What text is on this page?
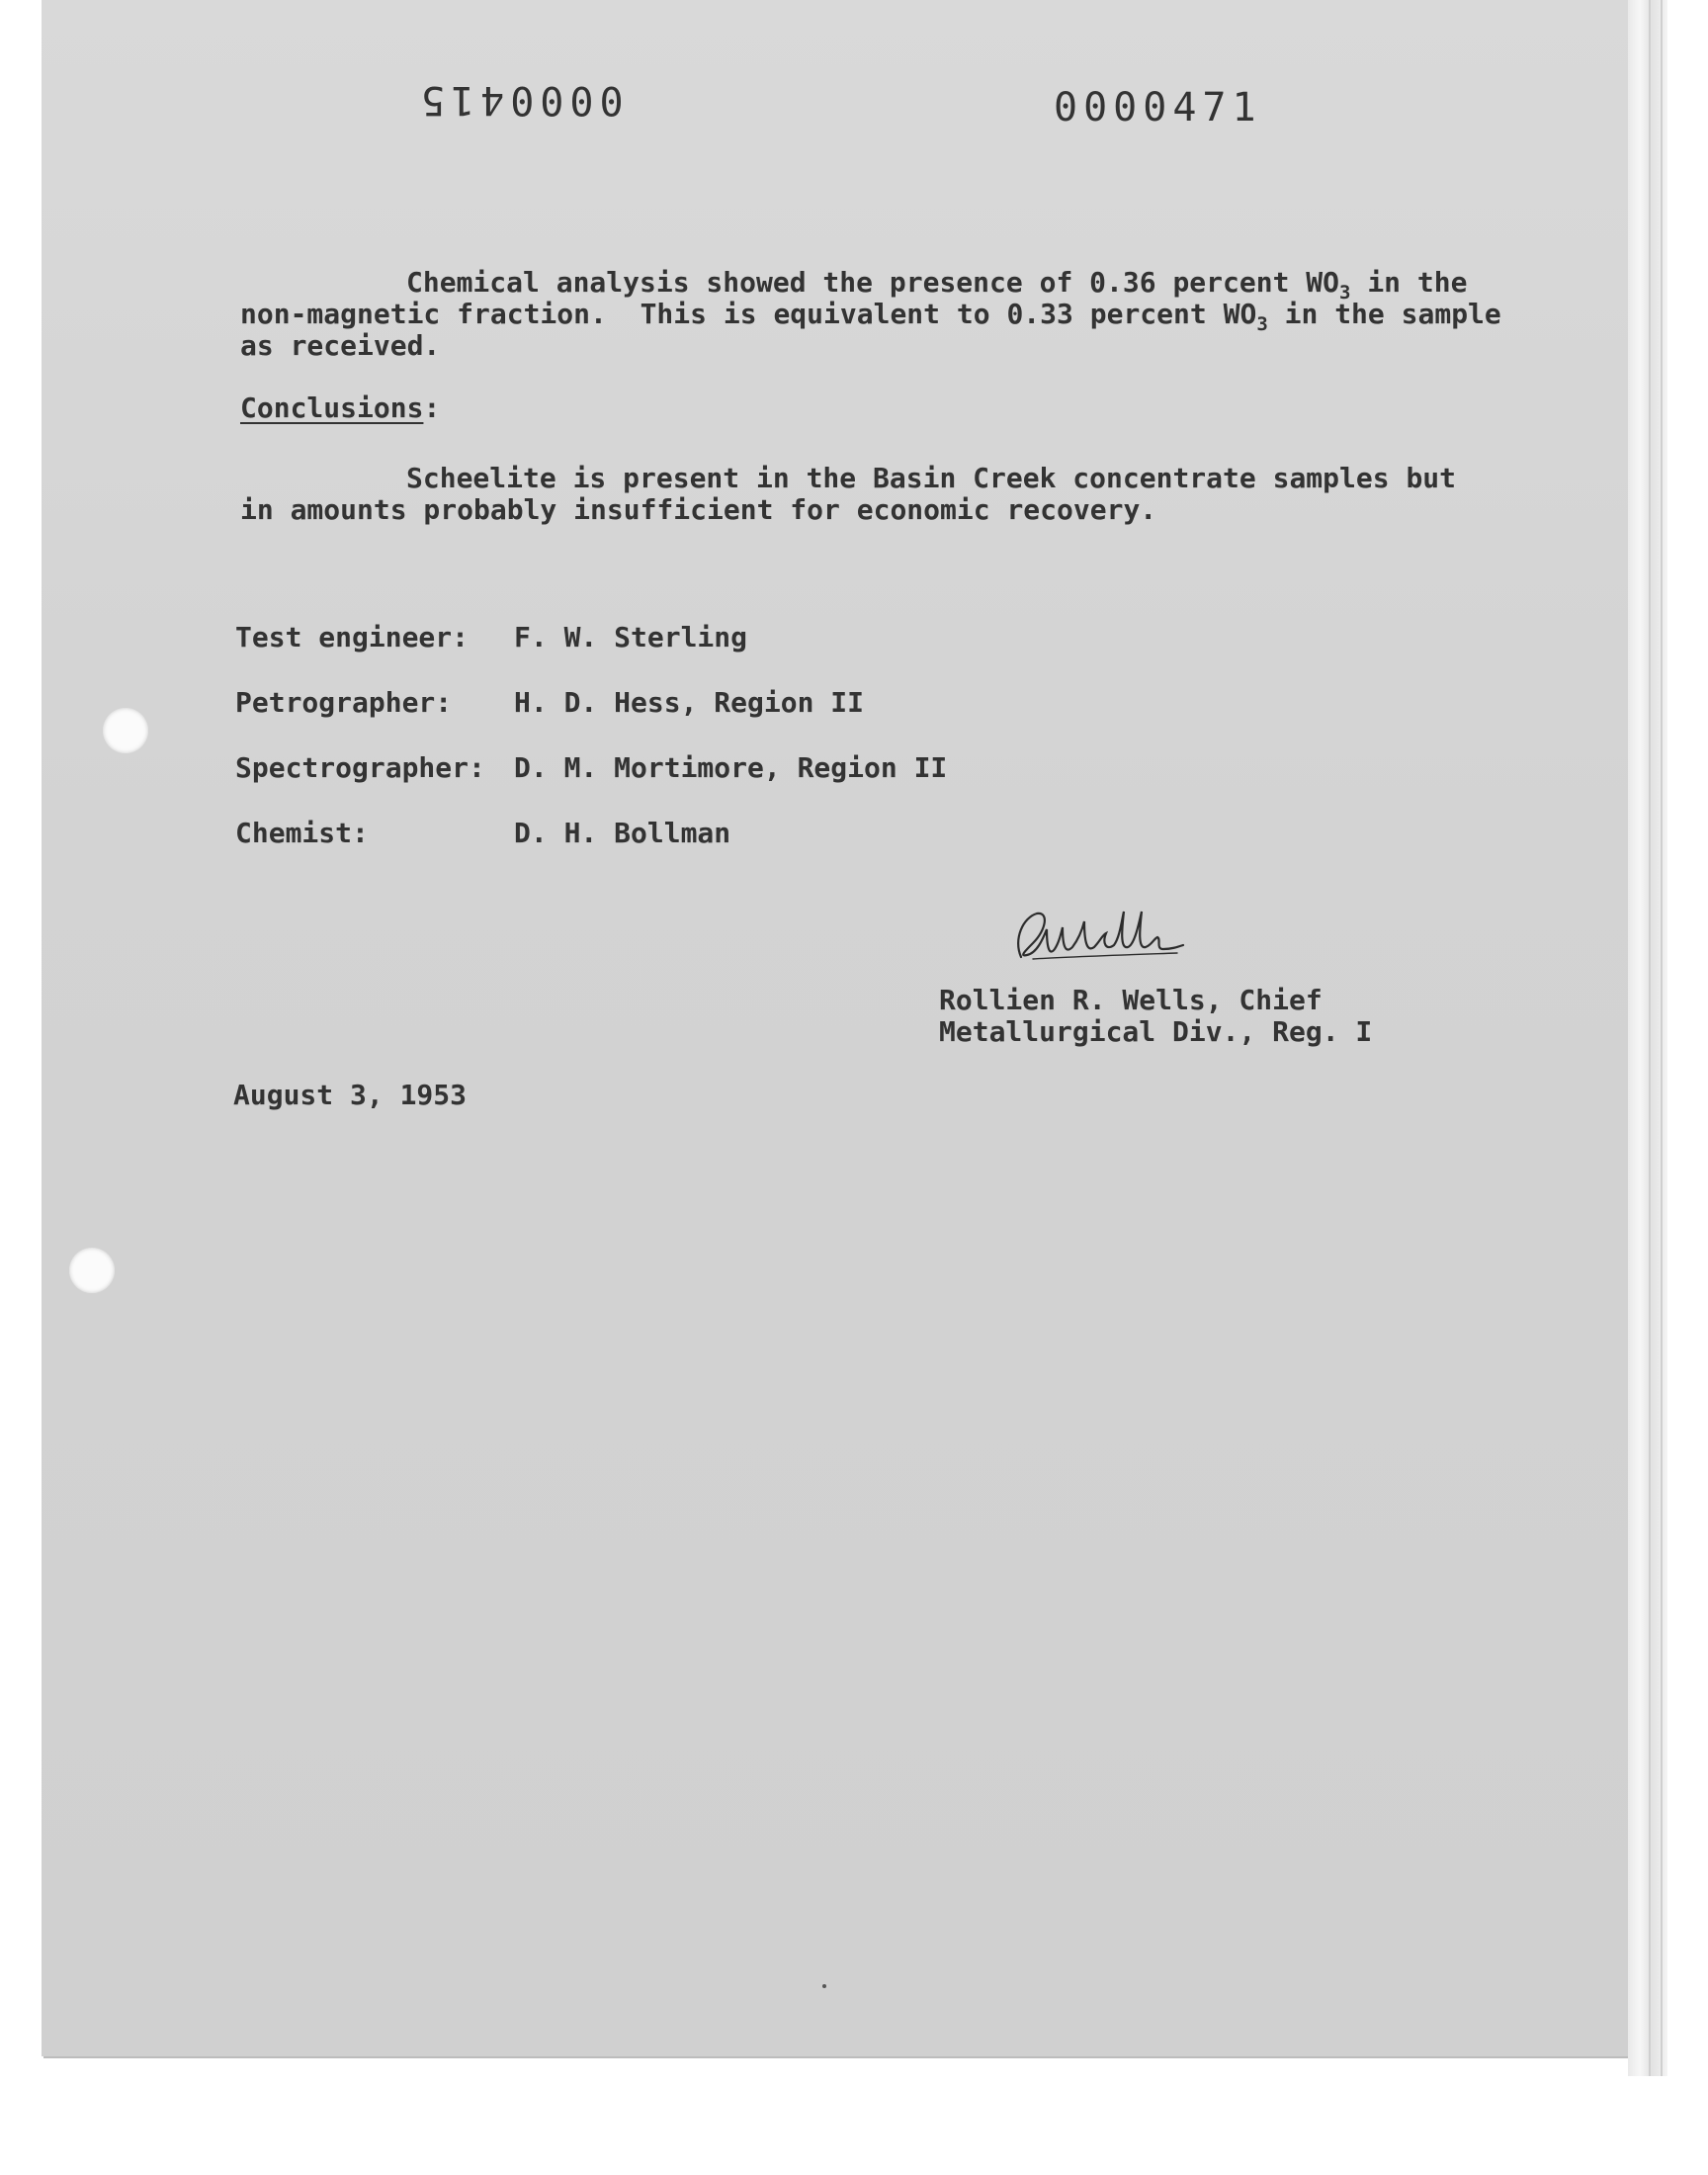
0000415	0000471
Chemical analysis showed the presence of 0.36 percent $WO_3$ in the
non-magnetic fraction.  This is equivalent to 0.33 percent $WO_3$ in the sample
as received.
Conclusions:
Scheelite is present in the Basin Creek concentrate samples but
in amounts probably insufficient for economic recovery.
Test engineer:	F. W. Sterling
Petrographer:	H. D. Hess, Region II
Spectrographer:	D. M. Mortimore, Region II
Chemist:	D. H. Bollman
Rollien R. Wells, Chief
Metallurgical Div., Reg. I
August 3, 1953
